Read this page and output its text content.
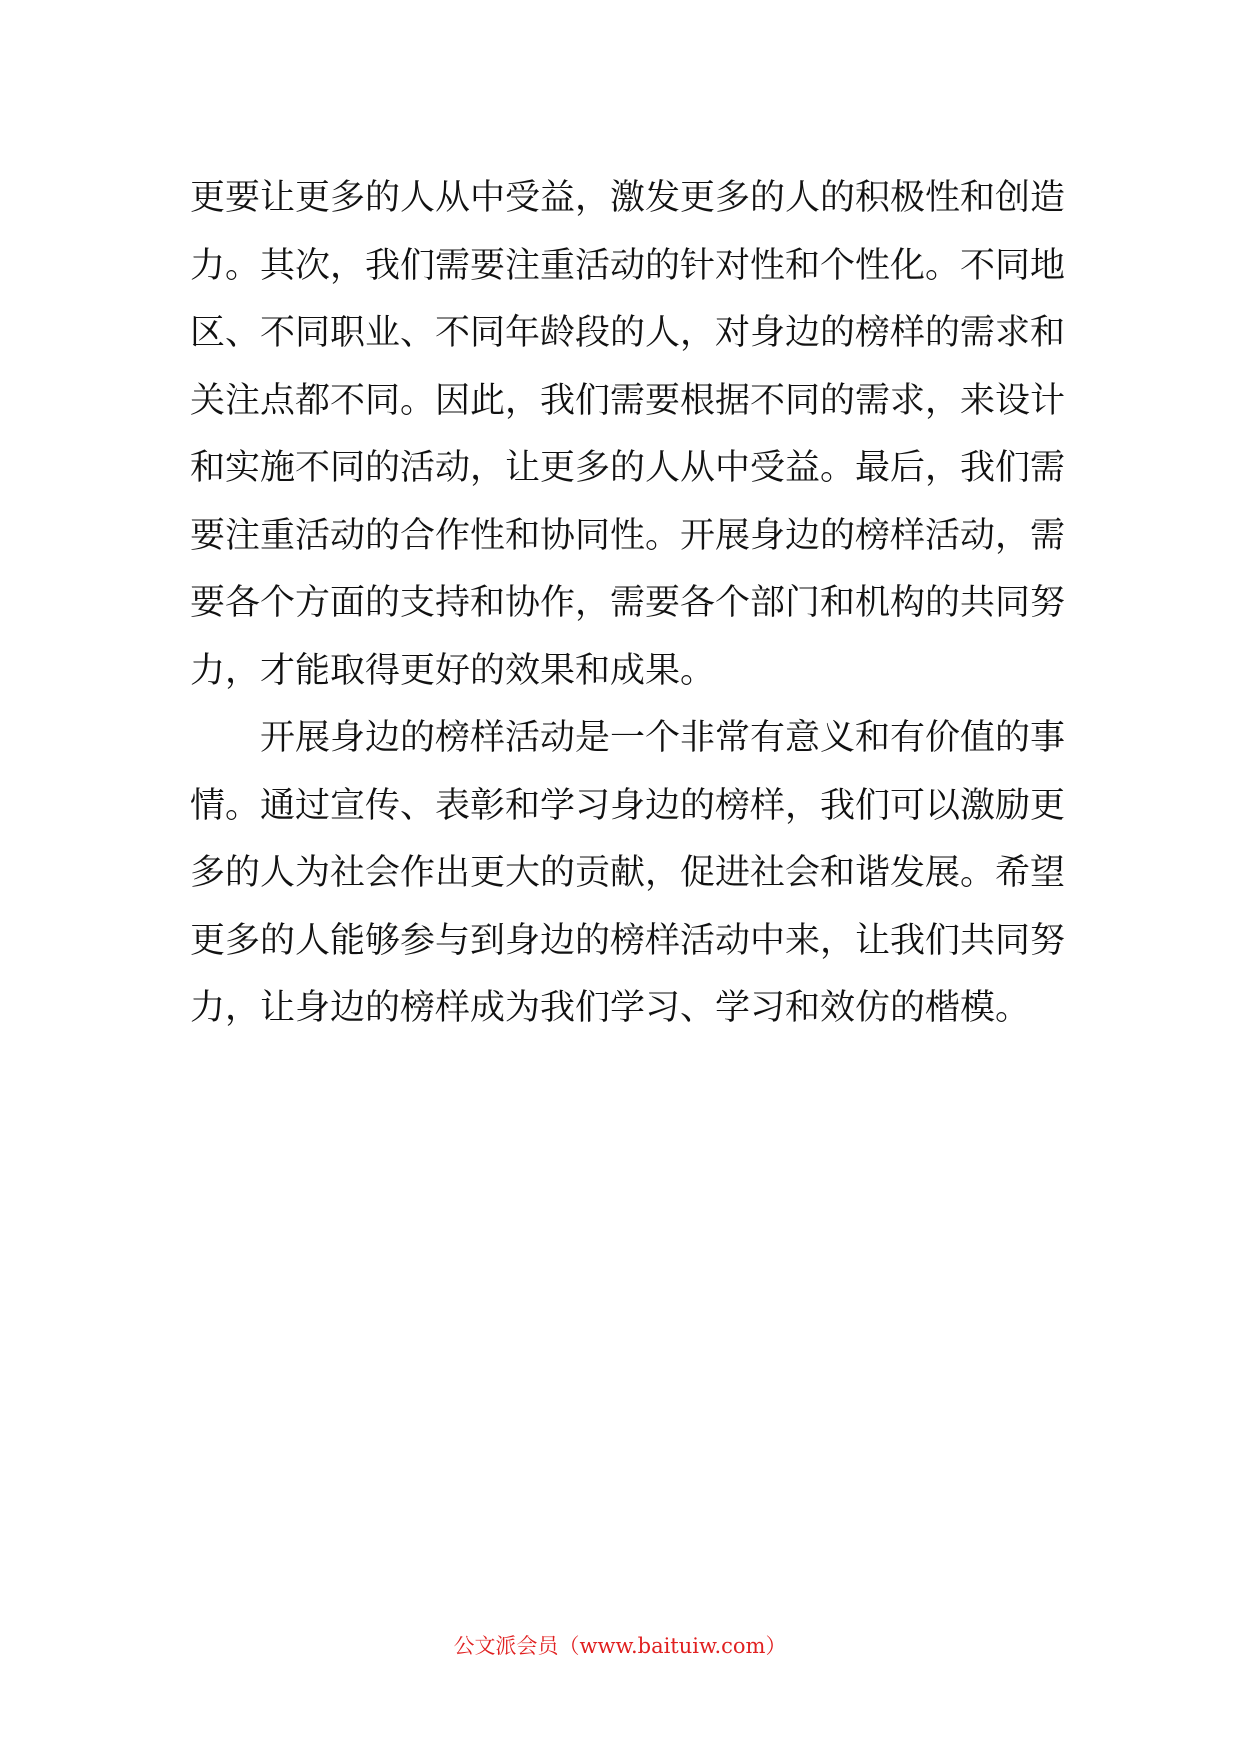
更要让更多的人从中受益，激发更多的人的积极性和创造
力。其次，我们需要注重活动的针对性和个性化。不同地
区、不同职业、不同年龄段的人，对身边的榜样的需求和
关注点都不同。因此，我们需要根据不同的需求，来设计
和实施不同的活动，让更多的人从中受益。最后，我们需
要注重活动的合作性和协同性。开展身边的榜样活动，需
要各个方面的支持和协作，需要各个部门和机构的共同努
力，才能取得更好的效果和成果。
　　开展身边的榜样活动是一个非常有意义和有价值的事
情。通过宣传、表彰和学习身边的榜样，我们可以激励更
多的人为社会作出更大的贡献，促进社会和谐发展。希望
更多的人能够参与到身边的榜样活动中来，让我们共同努
力，让身边的榜样成为我们学习、学习和效仿的楷模。
公文派会员（www.baituiw.com）
